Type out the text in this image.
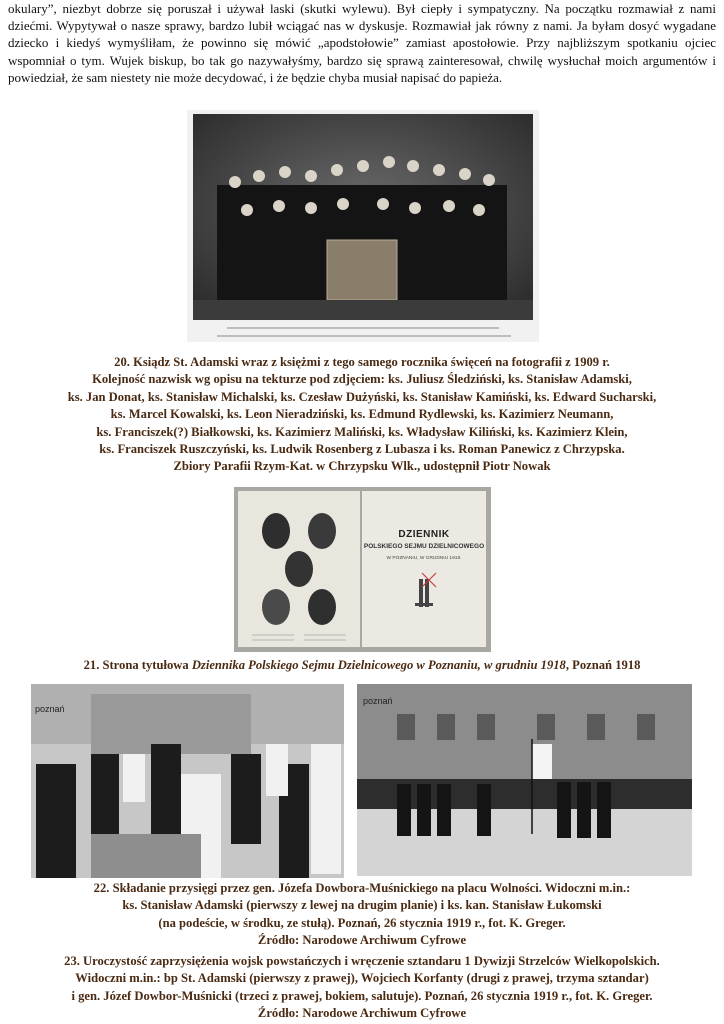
okulary”, niezbyt dobrze się poruszał i używał laski (skutki wylewu). Był ciepły i sympatyczny. Na początku rozmawiał z nami dziećmi. Wypytywał o nasze sprawy, bardzo lubił wciągać nas w dyskusje. Rozmawiał jak równy z nami. Ja byłam dosyć wygadane dziecko i kiedyś wymyśliłam, że powinno się mówić „apodstołowie” zamiast apostołowie. Przy najbliższym spotkaniu ojciec wspomniał o tym. Wujek biskup, bo tak go nazywałyśmy, bardzo się sprawą zainteresował, chwilę wysłuchał moich argumentów i powiedział, że sam niestety nie może decydować, i że będzie chyba musiał napisać do papieża.

20. Ksiądz St. Adamski wraz z księżmi z tego samego rocznika święceń na fotografii z 1909 r.
Kolejność nazwisk wg opisu na tekturze pod zdjęciem: ks. Juliusz Śledziński, ks. Stanisław Adamski,
ks. Jan Donat, ks. Stanisław Michalski, ks. Czesław Dużyński, ks. Stanisław Kamiński, ks. Edward Sucharski,
ks. Marcel Kowalski, ks. Leon Nieradziński, ks. Edmund Rydlewski, ks. Kazimierz Neumann,
ks. Franciszek(?) Białkowski, ks. Kazimierz Maliński, ks. Władysław Kiliński, ks. Kazimierz Klein,
ks. Franciszek Ruszczyński, ks. Ludwik Rosenberg z Lubasza i ks. Roman Panewicz z Chrzypska.
Zbiory Parafii Rzym-Kat. w Chrzypsku Wlk., udostępnił Piotr Nowak

DZIENNIK
POLSKIEGO SEJMU DZIELNICOWEGO
W POZNANIU, W GRUDNIU 1918.

21. Strona tytułowa Dziennika Polskiego Sejmu Dzielnicowego w Poznaniu, w grudniu 1918, Poznań 1918

poznań
poznań

22. Składanie przysięgi przez gen. Józefa Dowbora-Muśnickiego na placu Wolności. Widoczni m.in.:
ks. Stanisław Adamski (pierwszy z lewej na drugim planie) i ks. kan. Stanisław Łukomski
(na podeście, w środku, ze stułą). Poznań, 26 stycznia 1919 r., fot. K. Greger.
Źródło: Narodowe Archiwum Cyfrowe

23. Uroczystość zaprzysiężenia wojsk powstańczych i wręczenie sztandaru 1 Dywizji Strzelców Wielkopolskich.
Widoczni m.in.: bp St. Adamski (pierwszy z prawej), Wojciech Korfanty (drugi z prawej, trzyma sztandar)
i gen. Józef Dowbor-Muśnicki (trzeci z prawej, bokiem, salutuje). Poznań, 26 stycznia 1919 r., fot. K. Greger.
Źródło: Narodowe Archiwum Cyfrowe
